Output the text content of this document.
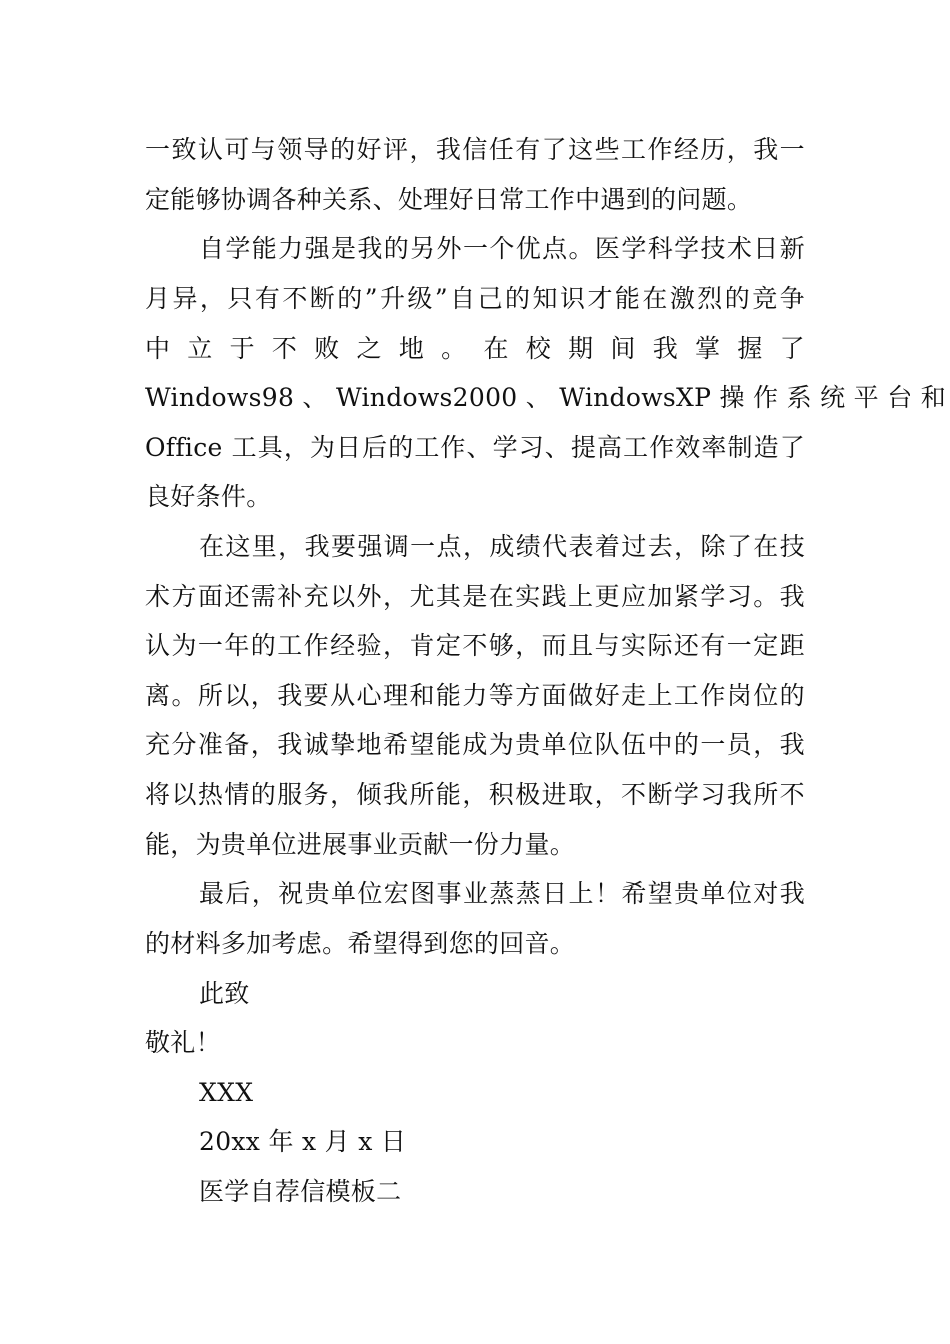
一致认可与领导的好评，我信任有了这些工作经历，我一
定能够协调各种关系、处理好日常工作中遇到的问题。
自学能力强是我的另外一个优点。医学科学技术日新
月异，只有不断的”升级”自己的知识才能在激烈的竞争
中 立 于 不 败 之 地 。 在 校 期 间 我 掌 握 了
Windows98 、 Windows2000 、 WindowsXP 操 作 系 统 平 台 和
Office 工具，为日后的工作、学习、提高工作效率制造了
良好条件。
在这里，我要强调一点，成绩代表着过去，除了在技
术方面还需补充以外，尤其是在实践上更应加紧学习。我
认为一年的工作经验，肯定不够，而且与实际还有一定距
离。所以，我要从心理和能力等方面做好走上工作岗位的
充分准备，我诚挚地希望能成为贵单位队伍中的一员，我
将以热情的服务，倾我所能，积极进取，不断学习我所不
能，为贵单位进展事业贡献一份力量。
最后，祝贵单位宏图事业蒸蒸日上！希望贵单位对我
的材料多加考虑。希望得到您的回音。
此致
敬礼！
XXX
20xx 年 x 月 x 日
医学自荐信模板二
